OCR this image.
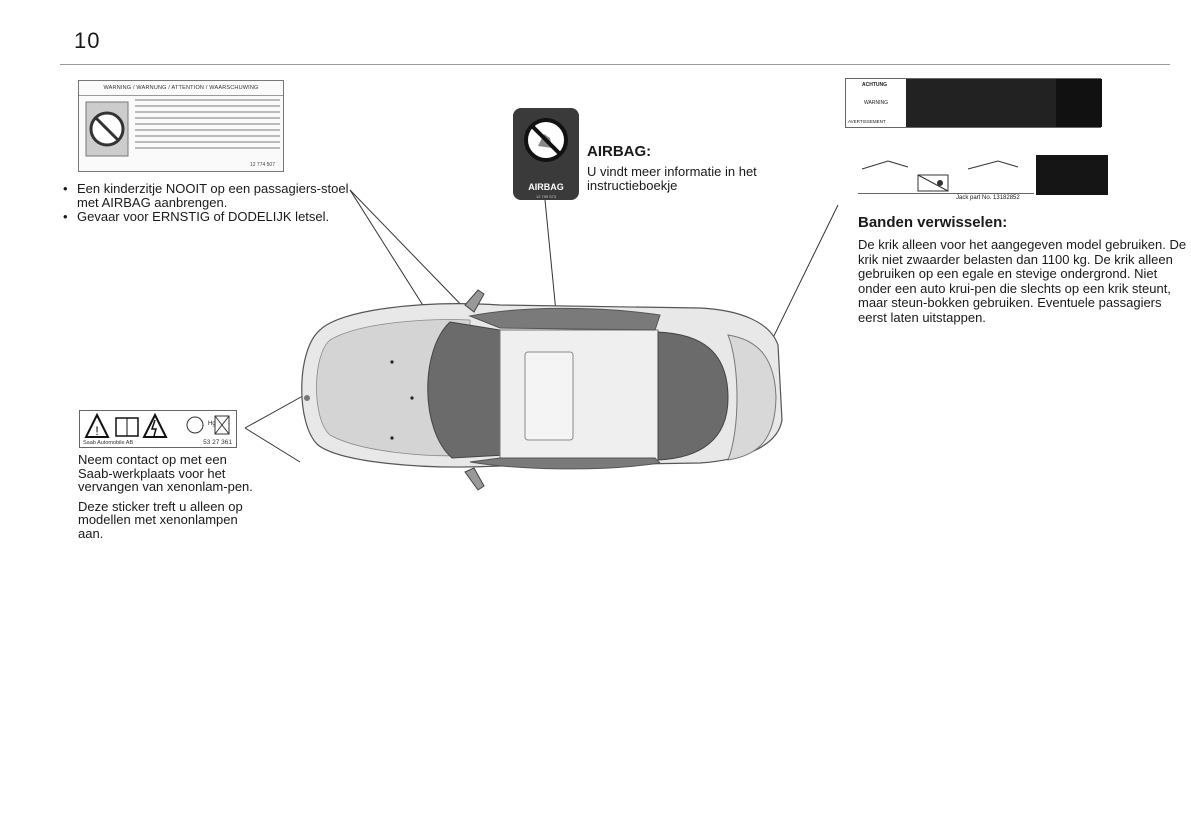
10
WARNING / WARNUNG / ATTENTION / WAARSCHUWING
12 774 507
• Een kinderzitje NOOIT op een passagiers-stoel met AIRBAG aanbrengen.
• Gevaar voor ERNSTIG of DODELIJK letsel.
AIRBAG
12 799 573
AIRBAG:
U vindt meer informatie in het instructieboekje
!	Hg
Saab Automobile AB	53 27 361

Neem contact op met een Saab-werkplaats voor het vervangen van xenonlam-pen.

Deze sticker treft u alleen op modellen met xenonlampen aan.

ACHTUNG
WARNING
AVERTISSEMENT
Jack part No. 13182852
Banden verwisselen:
De krik alleen voor het aangegeven model gebruiken. De krik niet zwaarder belasten dan 1100 kg. De krik alleen gebruiken op een egale en stevige ondergrond. Niet onder een auto krui-pen die slechts op een krik steunt, maar steun-bokken gebruiken. Eventuele passagiers eerst laten uitstappen.
